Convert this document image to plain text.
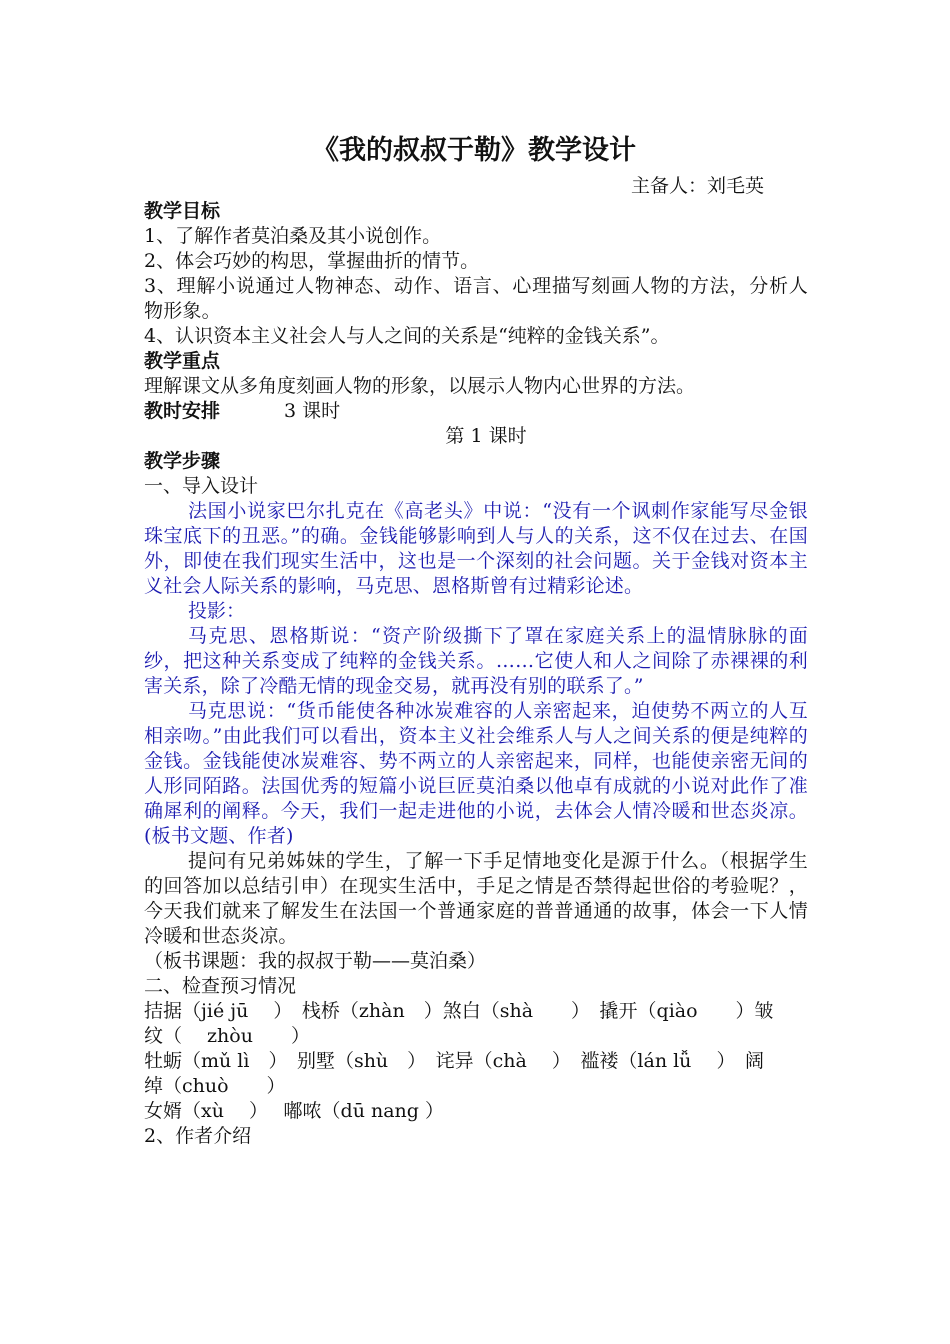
《我的叔叔于勒》教学设计
主备人：刘毛英
教学目标
1、了解作者莫泊桑及其小说创作。
2、体会巧妙的构思，掌握曲折的情节。
3、理解小说通过人物神态、动作、语言、心理描写刻画人物的方法，分析人物形象。
4、认识资本主义社会人与人之间的关系是“纯粹的金钱关系”。
教学重点
理解课文从多角度刻画人物的形象，以展示人物内心世界的方法。
教时安排	3 课时
第 1 课时
教学步骤
一、导入设计
法国小说家巴尔扎克在《高老头》中说：“没有一个讽刺作家能写尽金银珠宝底下的丑恶。”的确。金钱能够影响到人与人的关系，这不仅在过去、在国外，即使在我们现实生活中，这也是一个深刻的社会问题。关于金钱对资本主义社会人际关系的影响，马克思、恩格斯曾有过精彩论述。
投影：
马克思、恩格斯说：“资产阶级撕下了罩在家庭关系上的温情脉脉的面纱，把这种关系变成了纯粹的金钱关系。……它使人和人之间除了赤裸裸的利害关系，除了冷酷无情的现金交易，就再没有别的联系了。”
马克思说：“货币能使各种冰炭难容的人亲密起来，迫使势不两立的人互相亲吻。”由此我们可以看出，资本主义社会维系人与人之间关系的便是纯粹的金钱。金钱能使冰炭难容、势不两立的人亲密起来，同样，也能使亲密无间的人形同陌路。法国优秀的短篇小说巨匠莫泊桑以他卓有成就的小说对此作了准确犀利的阐释。今天，我们一起走进他的小说，去体会人情冷暖和世态炎凉。(板书文题、作者)
提问有兄弟姊妹的学生，了解一下手足情地变化是源于什么。（根据学生的回答加以总结引申）在现实生活中，手足之情是否禁得起世俗的考验呢？，今天我们就来了解发生在法国一个普通家庭的普普通通的故事，体会一下人情冷暖和世态炎凉。
（板书课题：我的叔叔于勒——莫泊桑）
二、检查预习情况
拮据（jié jū　 ）　栈桥（zhàn　）煞白（shà　　）　撬开（qiào　　）皱
纹（　 zhòu　　）
牡蛎（mǔ lì　）　别墅（shù　）　诧异（chà　 ）　褴褛（lán lǚ　 ）　阔
绰（chuò　　）
女婿（xù　 ）　 嘟哝（dū nang ）
2、作者介绍
